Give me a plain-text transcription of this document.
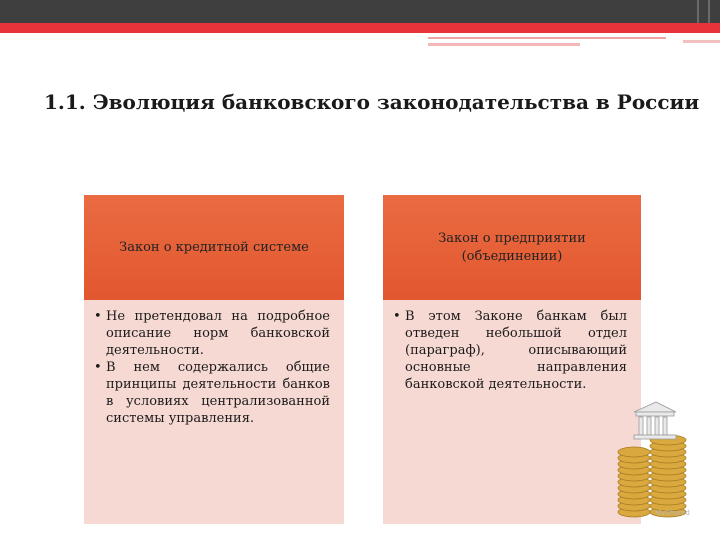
1.1. Эволюция банковского законодательства в России
Закон о кредитной системе
• Не претендовал на подробное описание норм банковской деятельности.
• В нем содержались общие принципы деятельности банков в условиях централизованной системы управления.
Закон о предприятии (объединении)
• В этом Законе банкам был отведен небольшой отдел (параграф), описывающий основные направления банковской деятельности.
MyShared
